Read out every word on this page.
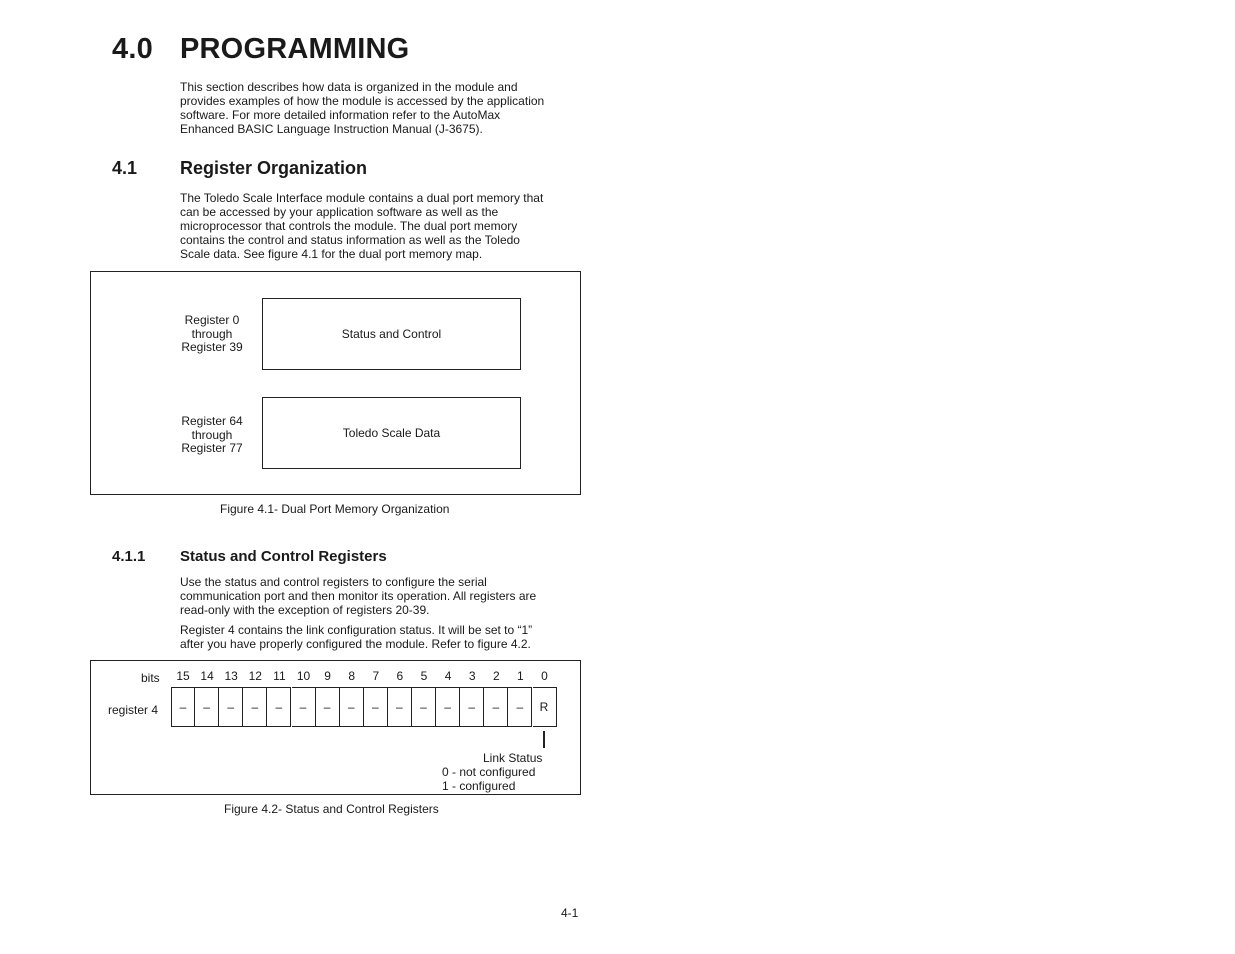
4.0 PROGRAMMING
This section describes how data is organized in the module and
provides examples of how the module is accessed by the application
software. For more detailed information refer to the AutoMax
Enhanced BASIC Language Instruction Manual (J-3675).
4.1 Register Organization
The Toledo Scale Interface module contains a dual port memory that
can be accessed by your application software as well as the
microprocessor that controls the module. The dual port memory
contains the control and status information as well as the Toledo
Scale data. See figure 4.1 for the dual port memory map.
Register 0
through
Register 39
Status and Control
Register 64
through
Register 77
Toledo Scale Data
Figure 4.1- Dual Port Memory Organization
4.1.1 Status and Control Registers
Use the status and control registers to configure the serial
communication port and then monitor its operation. All registers are
read-only with the exception of registers 20-39.
Register 4 contains the link configuration status. It will be set to “1”
after you have properly configured the module. Refer to figure 4.2.
bits
register 4
15 14 13 12 11 10	9	8	7	6	5	4	3	2	1	0
–	–	–	–	–	–	–	–	–	–	–	–	–	–	–	R
Link Status
0 - not configured
1 - configured
Figure 4.2- Status and Control Registers
4-1
